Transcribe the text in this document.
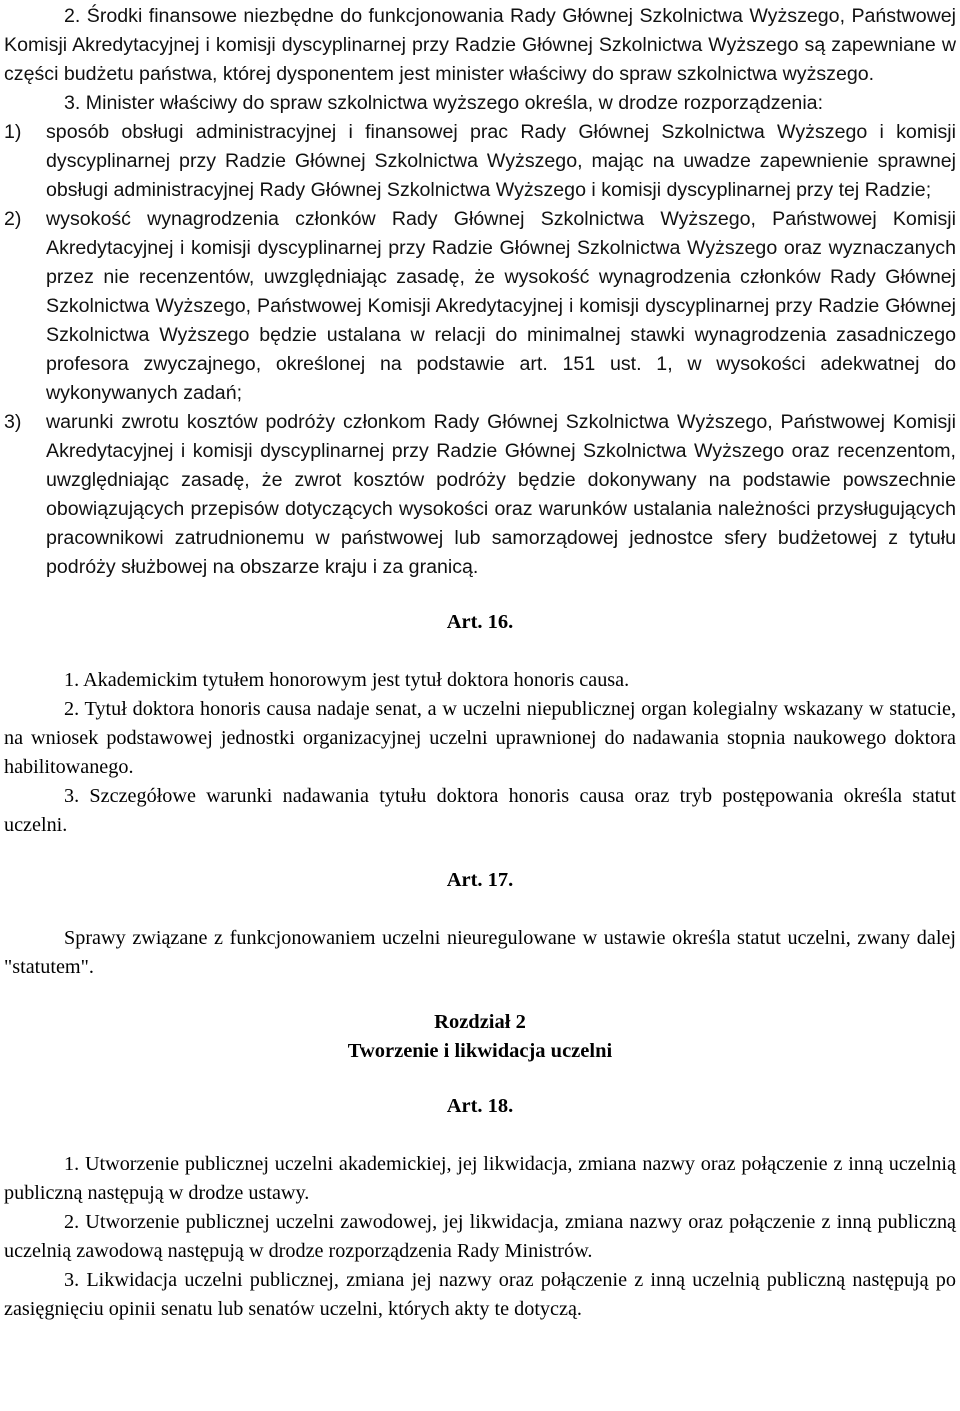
2. Środki finansowe niezbędne do funkcjonowania Rady Głównej Szkolnictwa Wyższego, Państwowej Komisji Akredytacyjnej i komisji dyscyplinarnej przy Radzie Głównej Szkolnictwa Wyższego są zapewniane w części budżetu państwa, której dysponentem jest minister właściwy do spraw szkolnictwa wyższego.

3. Minister właściwy do spraw szkolnictwa wyższego określa, w drodze rozporządzenia:

1)	sposób obsługi administracyjnej i finansowej prac Rady Głównej Szkolnictwa Wyższego i komisji dyscyplinarnej przy Radzie Głównej Szkolnictwa Wyższego, mając na uwadze zapewnienie sprawnej obsługi administracyjnej Rady Głównej Szkolnictwa Wyższego i komisji dyscyplinarnej przy tej Radzie;
2)	wysokość wynagrodzenia członków Rady Głównej Szkolnictwa Wyższego, Państwowej Komisji Akredytacyjnej i komisji dyscyplinarnej przy Radzie Głównej Szkolnictwa Wyższego oraz wyznaczanych przez nie recenzentów, uwzględniając zasadę, że wysokość wynagrodzenia członków Rady Głównej Szkolnictwa Wyższego, Państwowej Komisji Akredytacyjnej i komisji dyscyplinarnej przy Radzie Głównej Szkolnictwa Wyższego będzie ustalana w relacji do minimalnej stawki wynagrodzenia zasadniczego profesora zwyczajnego, określonej na podstawie art. 151 ust. 1, w wysokości adekwatnej do wykonywanych zadań;
3)	warunki zwrotu kosztów podróży członkom Rady Głównej Szkolnictwa Wyższego, Państwowej Komisji Akredytacyjnej i komisji dyscyplinarnej przy Radzie Głównej Szkolnictwa Wyższego oraz recenzentom, uwzględniając zasadę, że zwrot kosztów podróży będzie dokonywany na podstawie powszechnie obowiązujących przepisów dotyczących wysokości oraz warunków ustalania należności przysługujących pracownikowi zatrudnionemu w państwowej lub samorządowej jednostce sfery budżetowej z tytułu podróży służbowej na obszarze kraju i za granicą.

Art. 16.

1. Akademickim tytułem honorowym jest tytuł doktora honoris causa.

2. Tytuł doktora honoris causa nadaje senat, a w uczelni niepublicznej organ kolegialny wskazany w statucie, na wniosek podstawowej jednostki organizacyjnej uczelni uprawnionej do nadawania stopnia naukowego doktora habilitowanego.

3. Szczegółowe warunki nadawania tytułu doktora honoris causa oraz tryb postępowania określa statut uczelni.

Art. 17.

Sprawy związane z funkcjonowaniem uczelni nieuregulowane w ustawie określa statut uczelni, zwany dalej "statutem".

Rozdział 2

Tworzenie i likwidacja uczelni

Art. 18.

1. Utworzenie publicznej uczelni akademickiej, jej likwidacja, zmiana nazwy oraz połączenie z inną uczelnią publiczną następują w drodze ustawy.

2. Utworzenie publicznej uczelni zawodowej, jej likwidacja, zmiana nazwy oraz połączenie z inną publiczną uczelnią zawodową następują w drodze rozporządzenia Rady Ministrów.

3. Likwidacja uczelni publicznej, zmiana jej nazwy oraz połączenie z inną uczelnią publiczną następują po zasięgnięciu opinii senatu lub senatów uczelni, których akty te dotyczą.
